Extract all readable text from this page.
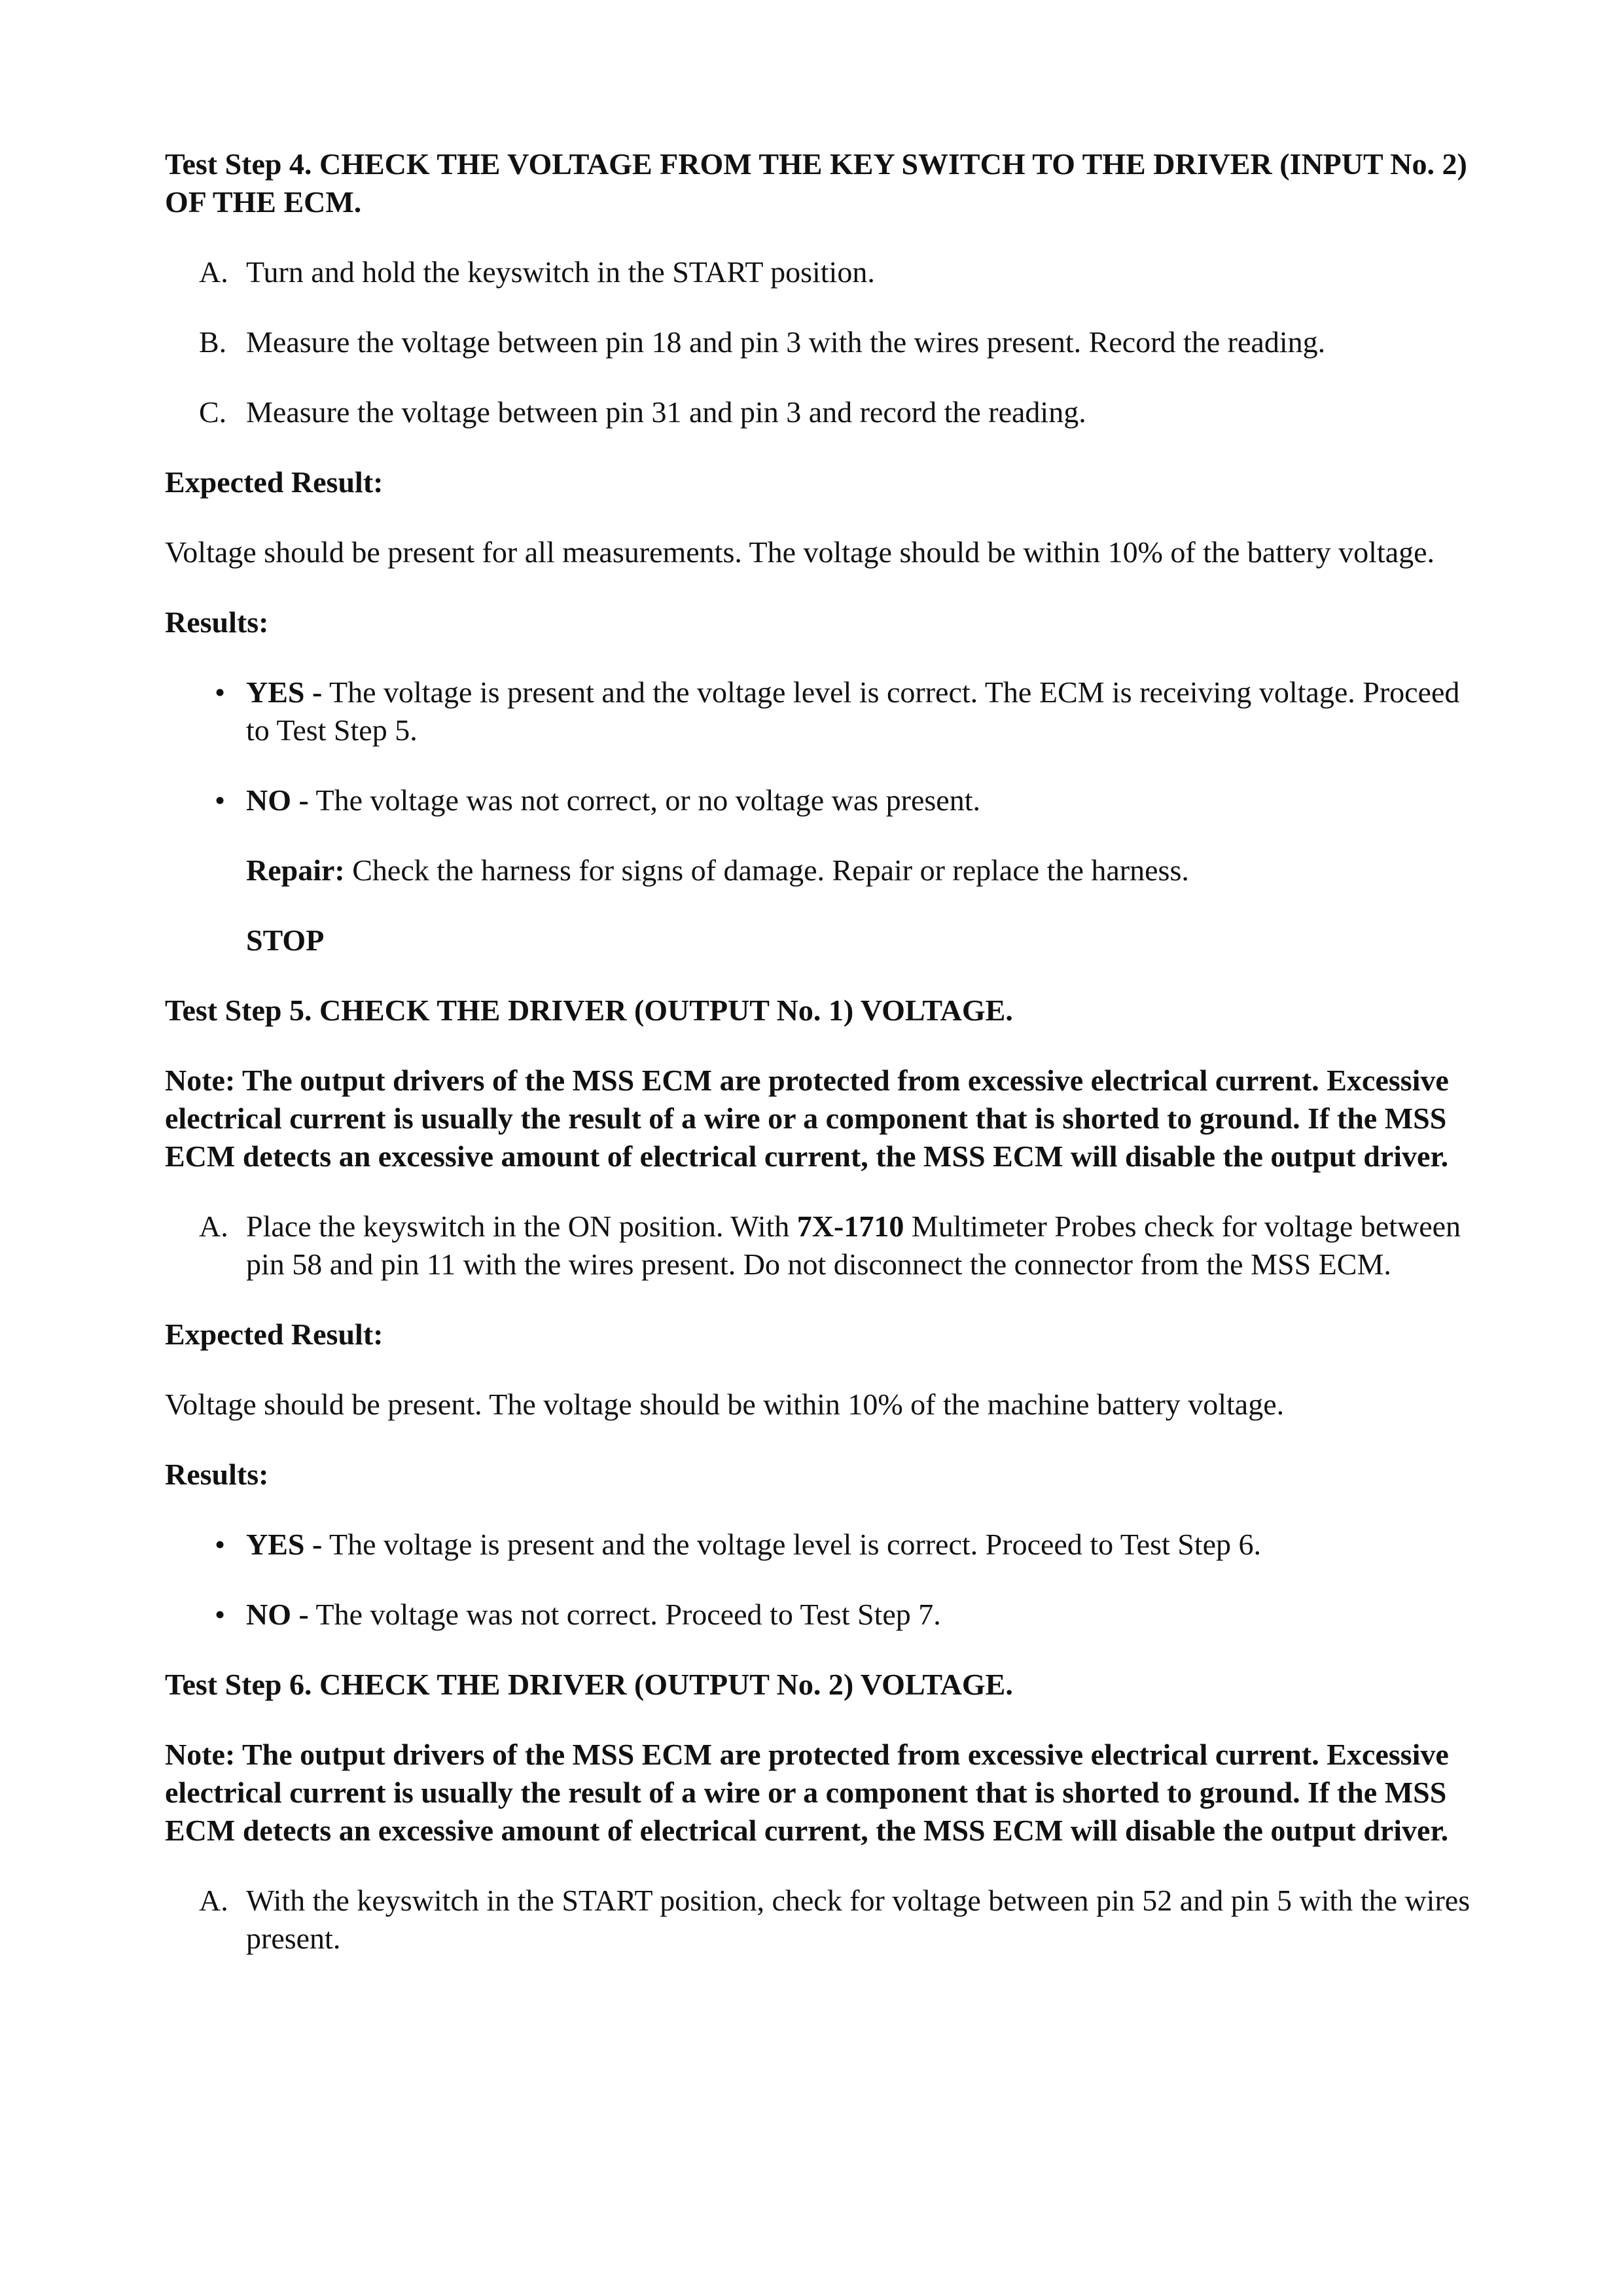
Test Step 4. CHECK THE VOLTAGE FROM THE KEY SWITCH TO THE DRIVER (INPUT No. 2) OF THE ECM.
A. Turn and hold the keyswitch in the START position.
B. Measure the voltage between pin 18 and pin 3 with the wires present. Record the reading.
C. Measure the voltage between pin 31 and pin 3 and record the reading.
Expected Result:
Voltage should be present for all measurements. The voltage should be within 10% of the battery voltage.
Results:
• YES - The voltage is present and the voltage level is correct. The ECM is receiving voltage. Proceed to Test Step 5.
• NO - The voltage was not correct, or no voltage was present.
Repair: Check the harness for signs of damage. Repair or replace the harness.
STOP
Test Step 5. CHECK THE DRIVER (OUTPUT No. 1) VOLTAGE.
Note: The output drivers of the MSS ECM are protected from excessive electrical current. Excessive electrical current is usually the result of a wire or a component that is shorted to ground. If the MSS ECM detects an excessive amount of electrical current, the MSS ECM will disable the output driver.
A. Place the keyswitch in the ON position. With 7X-1710 Multimeter Probes check for voltage between pin 58 and pin 11 with the wires present. Do not disconnect the connector from the MSS ECM.
Expected Result:
Voltage should be present. The voltage should be within 10% of the machine battery voltage.
Results:
• YES - The voltage is present and the voltage level is correct. Proceed to Test Step 6.
• NO - The voltage was not correct. Proceed to Test Step 7.
Test Step 6. CHECK THE DRIVER (OUTPUT No. 2) VOLTAGE.
Note: The output drivers of the MSS ECM are protected from excessive electrical current. Excessive electrical current is usually the result of a wire or a component that is shorted to ground. If the MSS ECM detects an excessive amount of electrical current, the MSS ECM will disable the output driver.
A. With the keyswitch in the START position, check for voltage between pin 52 and pin 5 with the wires present.
